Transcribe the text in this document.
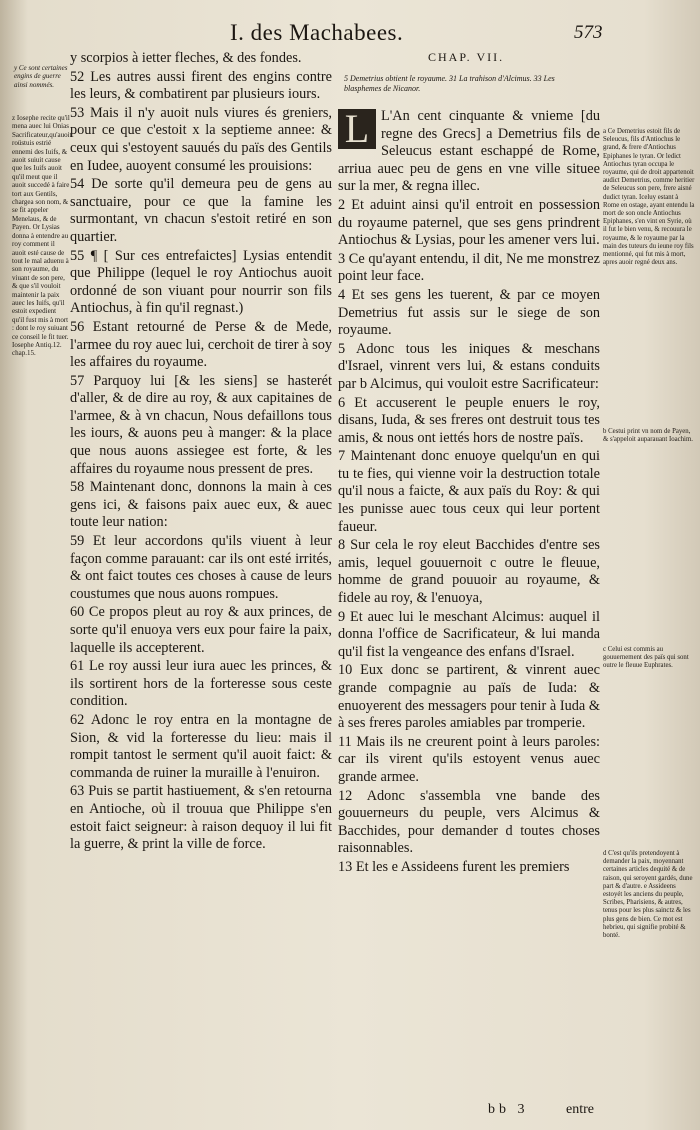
I. des Machabees.	573
CHAP. VII.
5 Demetrius obtient le royaume. 31 La trahison d'Alcimus. 33 Les blasphemes de Nicanor.
y Ce sont certaines engins de guerre ainsi nommés.
z Iosephe recite qu'il mena auec lui Onias Sacrificateur,qu'auoit roüstuis estrié ennemi des Iuifs, & auoit suiuit cause que les Iuifs auoit qu'il meut que il auoit succedé à faire tort aux Gentils, chargea son nom, & se fit appeler Menelaus, & de Payen. Or Lysias donna à entendre au roy comment il auoit esté cause de tout le mal aduenu à son royaume, du viuant de son pere, & que s'il vouloit maintenir la paix auec les Iuifs, qu'il estoit expedient qu'il fust mis à mort : dont le roy suiuant ce conseil le fit tuer. Iosephe Antiq.12. chap.15.
a Ce Demetrius estoit fils de Seleucus, fils d'Antiochus le grand, & frere d'Antiochus Epiphanes le tyran. Or ledict Antiochus tyran occupa le royaume, qui de droit appartenoit audict Demetrius, comme heritier de Seleucus son pere, frere aisné dudict tyran. Iceluy estant à Rome en ostage, ayant entendu la mort de son oncle Antiochus Epiphanes, s'en vint en Syrie, où il fut le bien venu, & recouura le royaume, & le royaume par la main des tuteurs du ieune roy fils mentionné, qui fut mis à mort, apres auoir regné deux ans.
b Cestui print vn nom de Payen, & s'appeloit auparauant Ioachim.
c Celui est commis au gouuernement des païs qui sont outre le fleuue Euphrates.
d C'est qu'ils pretendoyent à demander la paix, moyennant certaines articles dequité & de raison, qui seroyent gardés, dune part & d'autre. e Assideens estoyét les anciens du peuple, Scribes, Pharisiens, & autres, tenus pour les plus sainctz & les plus gens de bien. Ce mot est hebrieu, qui signifie probité & bonté.

y scorpios à ietter fleches, & des fondes.

52 Les autres aussi firent des engins contre les leurs, & combatirent par plusieurs iours.

53 Mais il n'y auoit nuls viures és greniers, pour ce que c'estoit x la septieme annee: & ceux qui s'estoyent sauués du païs des Gentils en Iudee, auoyent consumé les prouisions:

54 De sorte qu'il demeura peu de gens au sanctuaire, pour ce que la famine les surmontant, vn chacun s'estoit retiré en son quartier.

55 ¶ [ Sur ces entrefaictes] Lysias entendit que Philippe (lequel le roy Antiochus auoit ordonné de son viuant pour nourrir son fils Antiochus, à fin qu'il regnast.)

56 Estant retourné de Perse & de Mede, l'armee du roy auec lui, cerchoit de tirer à soy les affaires du royaume.

57 Parquoy lui [& les siens] se hasterét d'aller, & de dire au roy, & aux capitaines de l'armee, & à vn chacun, Nous defaillons tous les iours, & auons peu à manger: & la place que nous auons assiegee est forte, & les affaires du royaume nous pressent de pres.

58 Maintenant donc, donnons la main à ces gens ici, & faisons paix auec eux, & auec toute leur nation:

59 Et leur accordons qu'ils viuent à leur façon comme parauant: car ils ont esté irrités, & ont faict toutes ces choses à cause de leurs coustumes que nous auons rompues.

60 Ce propos pleut au roy & aux princes, de sorte qu'il enuoya vers eux pour faire la paix, laquelle ils accepterent.

61 Le roy aussi leur iura auec les princes, & ils sortirent hors de la forteresse sous ceste condition.

62 Adonc le roy entra en la montagne de Sion, & vid la forteresse du lieu: mais il rompit tantost le serment qu'il auoit faict: & commanda de ruiner la muraille à l'enuiron.

63 Puis se partit hastiuement, & s'en retourna en Antioche, où il trouua que Philippe s'en estoit faict seigneur: à raison dequoy il lui fit la guerre, & print la ville de force.

L L'An cent cinquante & vnieme [du regne des Grecs] a Demetrius fils de Seleucus estant eschappé de Rome, arriua auec peu de gens en vne ville situee sur la mer, & regna illec.

2 Et aduint ainsi qu'il entroit en possession du royaume paternel, que ses gens prindrent Antiochus & Lysias, pour les amener vers lui.

3 Ce qu'ayant entendu, il dit, Ne me monstrez point leur face.

4 Et ses gens les tuerent, & par ce moyen Demetrius fut assis sur le siege de son royaume.

5 Adonc tous les iniques & meschans d'Israel, vinrent vers lui, & estans conduits par b Alcimus, qui vouloit estre Sacrificateur:

6 Et accuserent le peuple enuers le roy, disans, Iuda, & ses freres ont destruit tous tes amis, & nous ont iettés hors de nostre païs.

7 Maintenant donc enuoye quelqu'un en qui tu te fies, qui vienne voir la destruction totale qu'il nous a faicte, & aux païs du Roy: & qui les punisse auec tous ceux qui leur portent faueur.

8 Sur cela le roy eleut Bacchides d'entre ses amis, lequel gouuernoit c outre le fleuue, homme de grand pouuoir au royaume, & fidele au roy, & l'enuoya,

9 Et auec lui le meschant Alcimus: auquel il donna l'office de Sacrificateur, & lui manda qu'il fist la vengeance des enfans d'Israel.

10 Eux donc se partirent, & vinrent auec grande compagnie au païs de Iuda: & enuoyerent des messagers pour tenir à Iuda & à ses freres paroles amiables par tromperie.

11 Mais ils ne creurent point à leurs paroles: car ils virent qu'ils estoyent venus auec grande armee.

12 Adonc s'assembla vne bande des gouuerneurs du peuple, vers Alcimus & Bacchides, pour demander d toutes choses raisonnables.

13 Et les e Assideens furent les premiers

bb 3	entre
